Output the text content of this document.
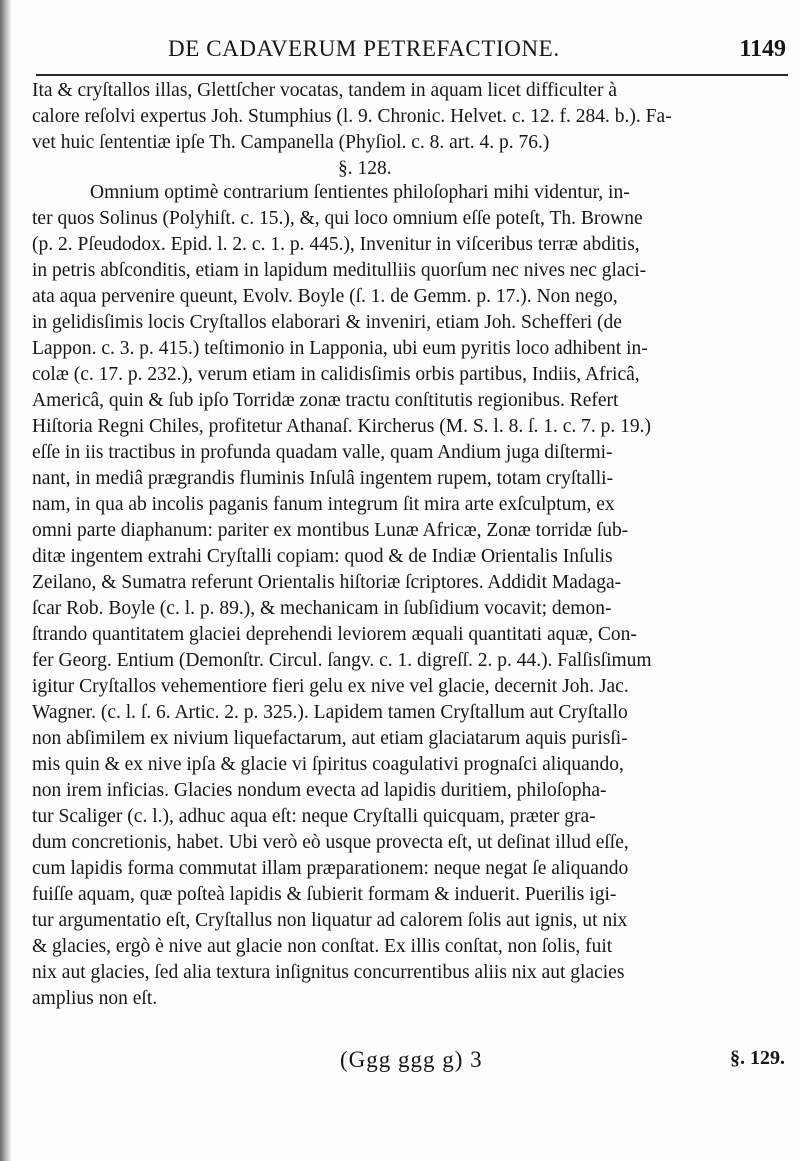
DE CADAVERUM PETREFACTIONE.	1149
§. 128.
Ita & cryſtallos illas, Glettſcher vocatas, tandem in aquam licet difficulter à
calore reſolvi expertus Joh. Stumphius (l. 9. Chronic. Helvet. c. 12. f. 284. b.). Fa-
vet huic ſententiæ ipſe Th. Campanella (Phyſiol. c. 8. art. 4. p. 76.)
Omnium optimè contrarium ſentientes philoſophari mihi videntur, in-
ter quos Solinus (Polyhiſt. c. 15.), &, qui loco omnium eſſe poteſt, Th. Browne
(p. 2. Pſeudodox. Epid. l. 2. c. 1. p. 445.), Invenitur in viſceribus terræ abditis,
in petris abſconditis, etiam in lapidum meditulliis quorſum nec nives nec glaci-
ata aqua pervenire queunt, Evolv. Boyle (ſ. 1. de Gemm. p. 17.). Non nego,
in gelidisſimis locis Cryſtallos elaborari & inveniri, etiam Joh. Schefferi (de
Lappon. c. 3. p. 415.) teſtimonio in Lapponia, ubi eum pyritis loco adhibent in-
colæ (c. 17. p. 232.), verum etiam in calidisſimis orbis partibus, Indiis, Africâ,
Americâ, quin & ſub ipſo Torridæ zonæ tractu conſtitutis regionibus. Refert
Hiſtoria Regni Chiles, profitetur Athanaſ. Kircherus (M. S. l. 8. ſ. 1. c. 7. p. 19.)
eſſe in iis tractibus in profunda quadam valle, quam Andium juga diſtermi-
nant, in mediâ prægrandis fluminis Inſulâ ingentem rupem, totam cryſtalli-
nam, in qua ab incolis paganis fanum integrum ſit mira arte exſculptum, ex
omni parte diaphanum: pariter ex montibus Lunæ Africæ, Zonæ torridæ ſub-
ditæ ingentem extrahi Cryſtalli copiam: quod & de Indiæ Orientalis Inſulis
Zeilano, & Sumatra referunt Orientalis hiſtoriæ ſcriptores. Addidit Madaga-
ſcar Rob. Boyle (c. l. p. 89.), & mechanicam in ſubſidium vocavit; demon-
ſtrando quantitatem glaciei deprehendi leviorem æquali quantitati aquæ, Con-
fer Georg. Entium (Demonſtr. Circul. ſangv. c. 1. digreſſ. 2. p. 44.). Falſisſimum
igitur Cryſtallos vehementiore fieri gelu ex nive vel glacie, decernit Joh. Jac.
Wagner. (c. l. ſ. 6. Artic. 2. p. 325.). Lapidem tamen Cryſtallum aut Cryſtallo
non abſimilem ex nivium liquefactarum, aut etiam glaciatarum aquis purisſi-
mis quin & ex nive ipſa & glacie vi ſpiritus coagulativi prognaſci aliquando,
non irem inficias. Glacies nondum evecta ad lapidis duritiem, philoſopha-
tur Scaliger (c. l.), adhuc aqua eſt: neque Cryſtalli quicquam, præter gra-
dum concretionis, habet. Ubi verò eò usque provecta eſt, ut deſinat illud eſſe,
cum lapidis forma commutat illam præparationem: neque negat ſe aliquando
fuiſſe aquam, quæ poſteà lapidis & ſubierit formam & induerit. Puerilis igi-
tur argumentatio eſt, Cryſtallus non liquatur ad calorem ſolis aut ignis, ut nix
& glacies, ergò è nive aut glacie non conſtat. Ex illis conſtat, non ſolis, fuit
nix aut glacies, ſed alia textura inſignitus concurrentibus aliis nix aut glacies
amplius non eſt.
(Ggg ggg g) 3	§. 129.
